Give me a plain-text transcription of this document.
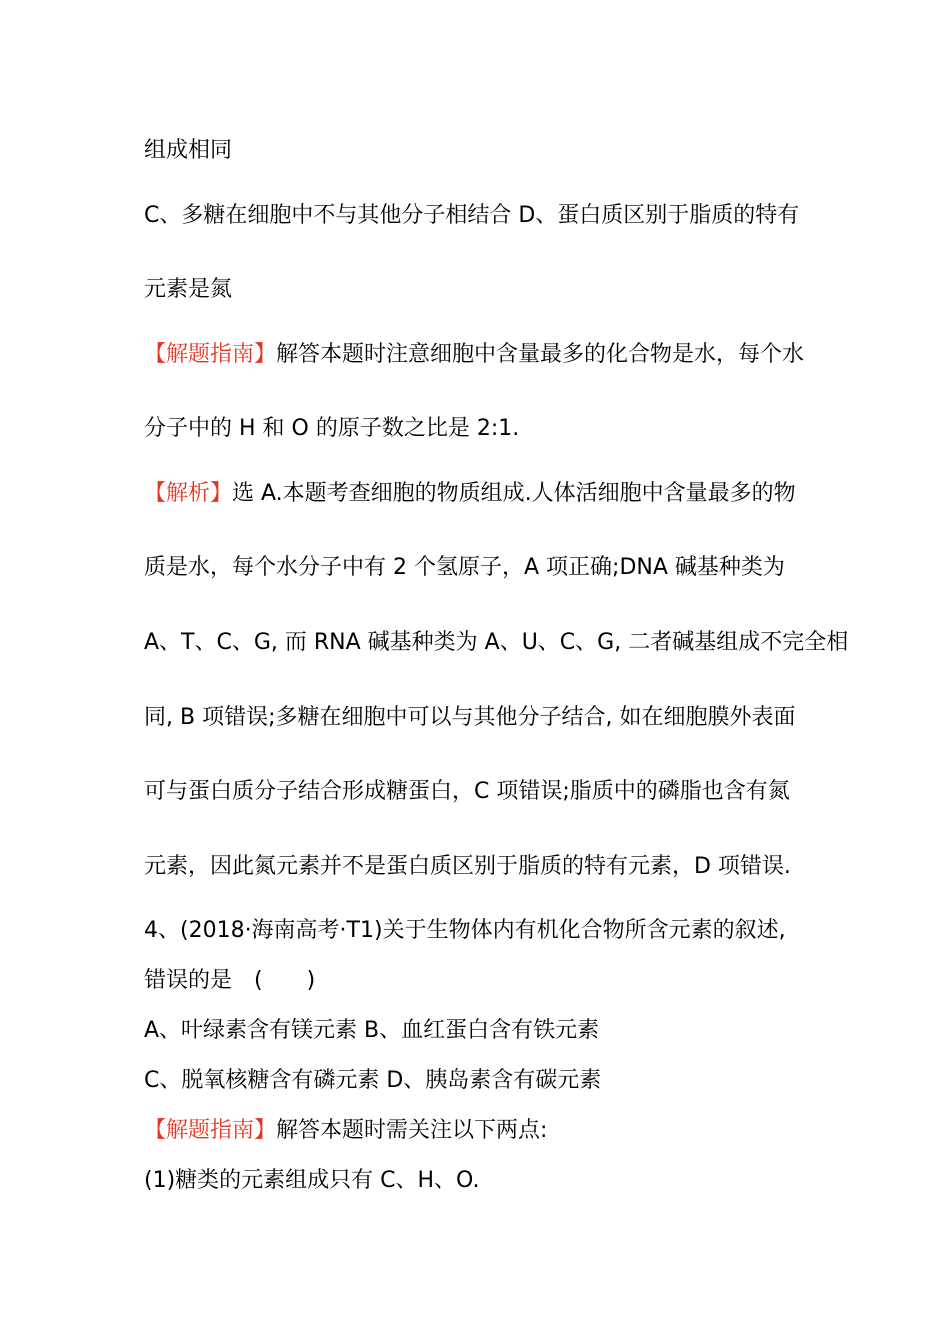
组成相同
C、多糖在细胞中不与其他分子相结合 D、蛋白质区别于脂质的特有
元素是氮
【解题指南】解答本题时注意细胞中含量最多的化合物是水，每个水
分子中的 H 和 O 的原子数之比是 2:1.
【解析】选 A.本题考查细胞的物质组成.人体活细胞中含量最多的物
质是水，每个水分子中有 2 个氢原子，A 项正确;DNA 碱基种类为
A、T、C、G, 而 RNA 碱基种类为 A、U、C、G, 二者碱基组成不完全相
同, B 项错误;多糖在细胞中可以与其他分子结合, 如在细胞膜外表面
可与蛋白质分子结合形成糖蛋白，C 项错误;脂质中的磷脂也含有氮
元素，因此氮元素并不是蛋白质区别于脂质的特有元素，D 项错误.
4、(2018·海南高考·T1)关于生物体内有机化合物所含元素的叙述,
错误的是　(　　)
A、叶绿素含有镁元素 B、血红蛋白含有铁元素
C、脱氧核糖含有磷元素 D、胰岛素含有碳元素
【解题指南】解答本题时需关注以下两点:
(1)糖类的元素组成只有 C、H、O.
